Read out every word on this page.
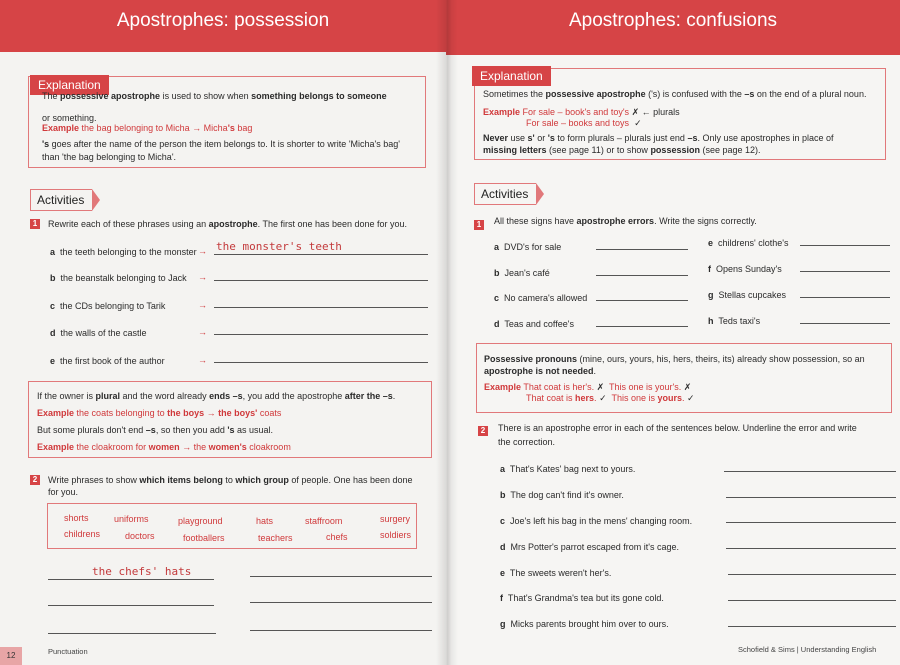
Apostrophes: possession
Explanation
The possessive apostrophe is used to show when something belongs to someone
or something.
Example the bag belonging to Micha → Micha's bag
's goes after the name of the person the item belongs to. It is shorter to write 'Micha's bag'
than 'the bag belonging to Micha'.
Activities
1	Rewrite each of these phrases using an apostrophe. The first one has been done for you.
a the teeth belonging to the monster → the monster's teeth
b the beanstalk belonging to Jack →
c the CDs belonging to Tarik	→
d the walls of the castle	→
e the first book of the author	→
If the owner is plural and the word already ends –s, you add the apostrophe after the –s.
Example the coats belonging to the boys → the boys' coats
But some plurals don't end –s, so then you add 's as usual.
Example the cloakroom for women → the women's cloakroom
2	Write phrases to show which items belong to which group of people. One has been done
for you.
shorts	uniforms	playground	hats	staffroom	surgery
childrens	doctors	footballers	teachers	chefs	soldiers
the chefs' hats
12	Punctuation
Apostrophes: confusions
Explanation
Sometimes the possessive apostrophe ('s) is confused with the –s on the end of a plural noun.
Example For sale – book's and toy's ✗ ← plurals
For sale – books and toys ✓
Never use s' or 's to form plurals – plurals just end –s. Only use apostrophes in place of
missing letters (see page 11) or to show possession (see page 12).
Activities
1	All these signs have apostrophe errors. Write the signs correctly.
a DVD's for sale
b Jean's café
c No camera's allowed
d Teas and coffee's
e childrens' clothe's
f Opens Sunday's
g Stellas cupcakes
h Teds taxi's
Possessive pronouns (mine, ours, yours, his, hers, theirs, its) already show possession, so an
apostrophe is not needed.
Example That coat is her's. ✗ This one is your's. ✗
That coat is hers. ✓ This one is yours. ✓
2	There is an apostrophe error in each of the sentences below. Underline the error and write
the correction.
a That's Kates' bag next to yours.
b The dog can't find it's owner.
c Joe's left his bag in the mens' changing room.
d Mrs Potter's parrot escaped from it's cage.
e The sweets weren't her's.
f That's Grandma's tea but its gone cold.
g Micks parents brought him over to ours.
Schofield & Sims | Understanding English
